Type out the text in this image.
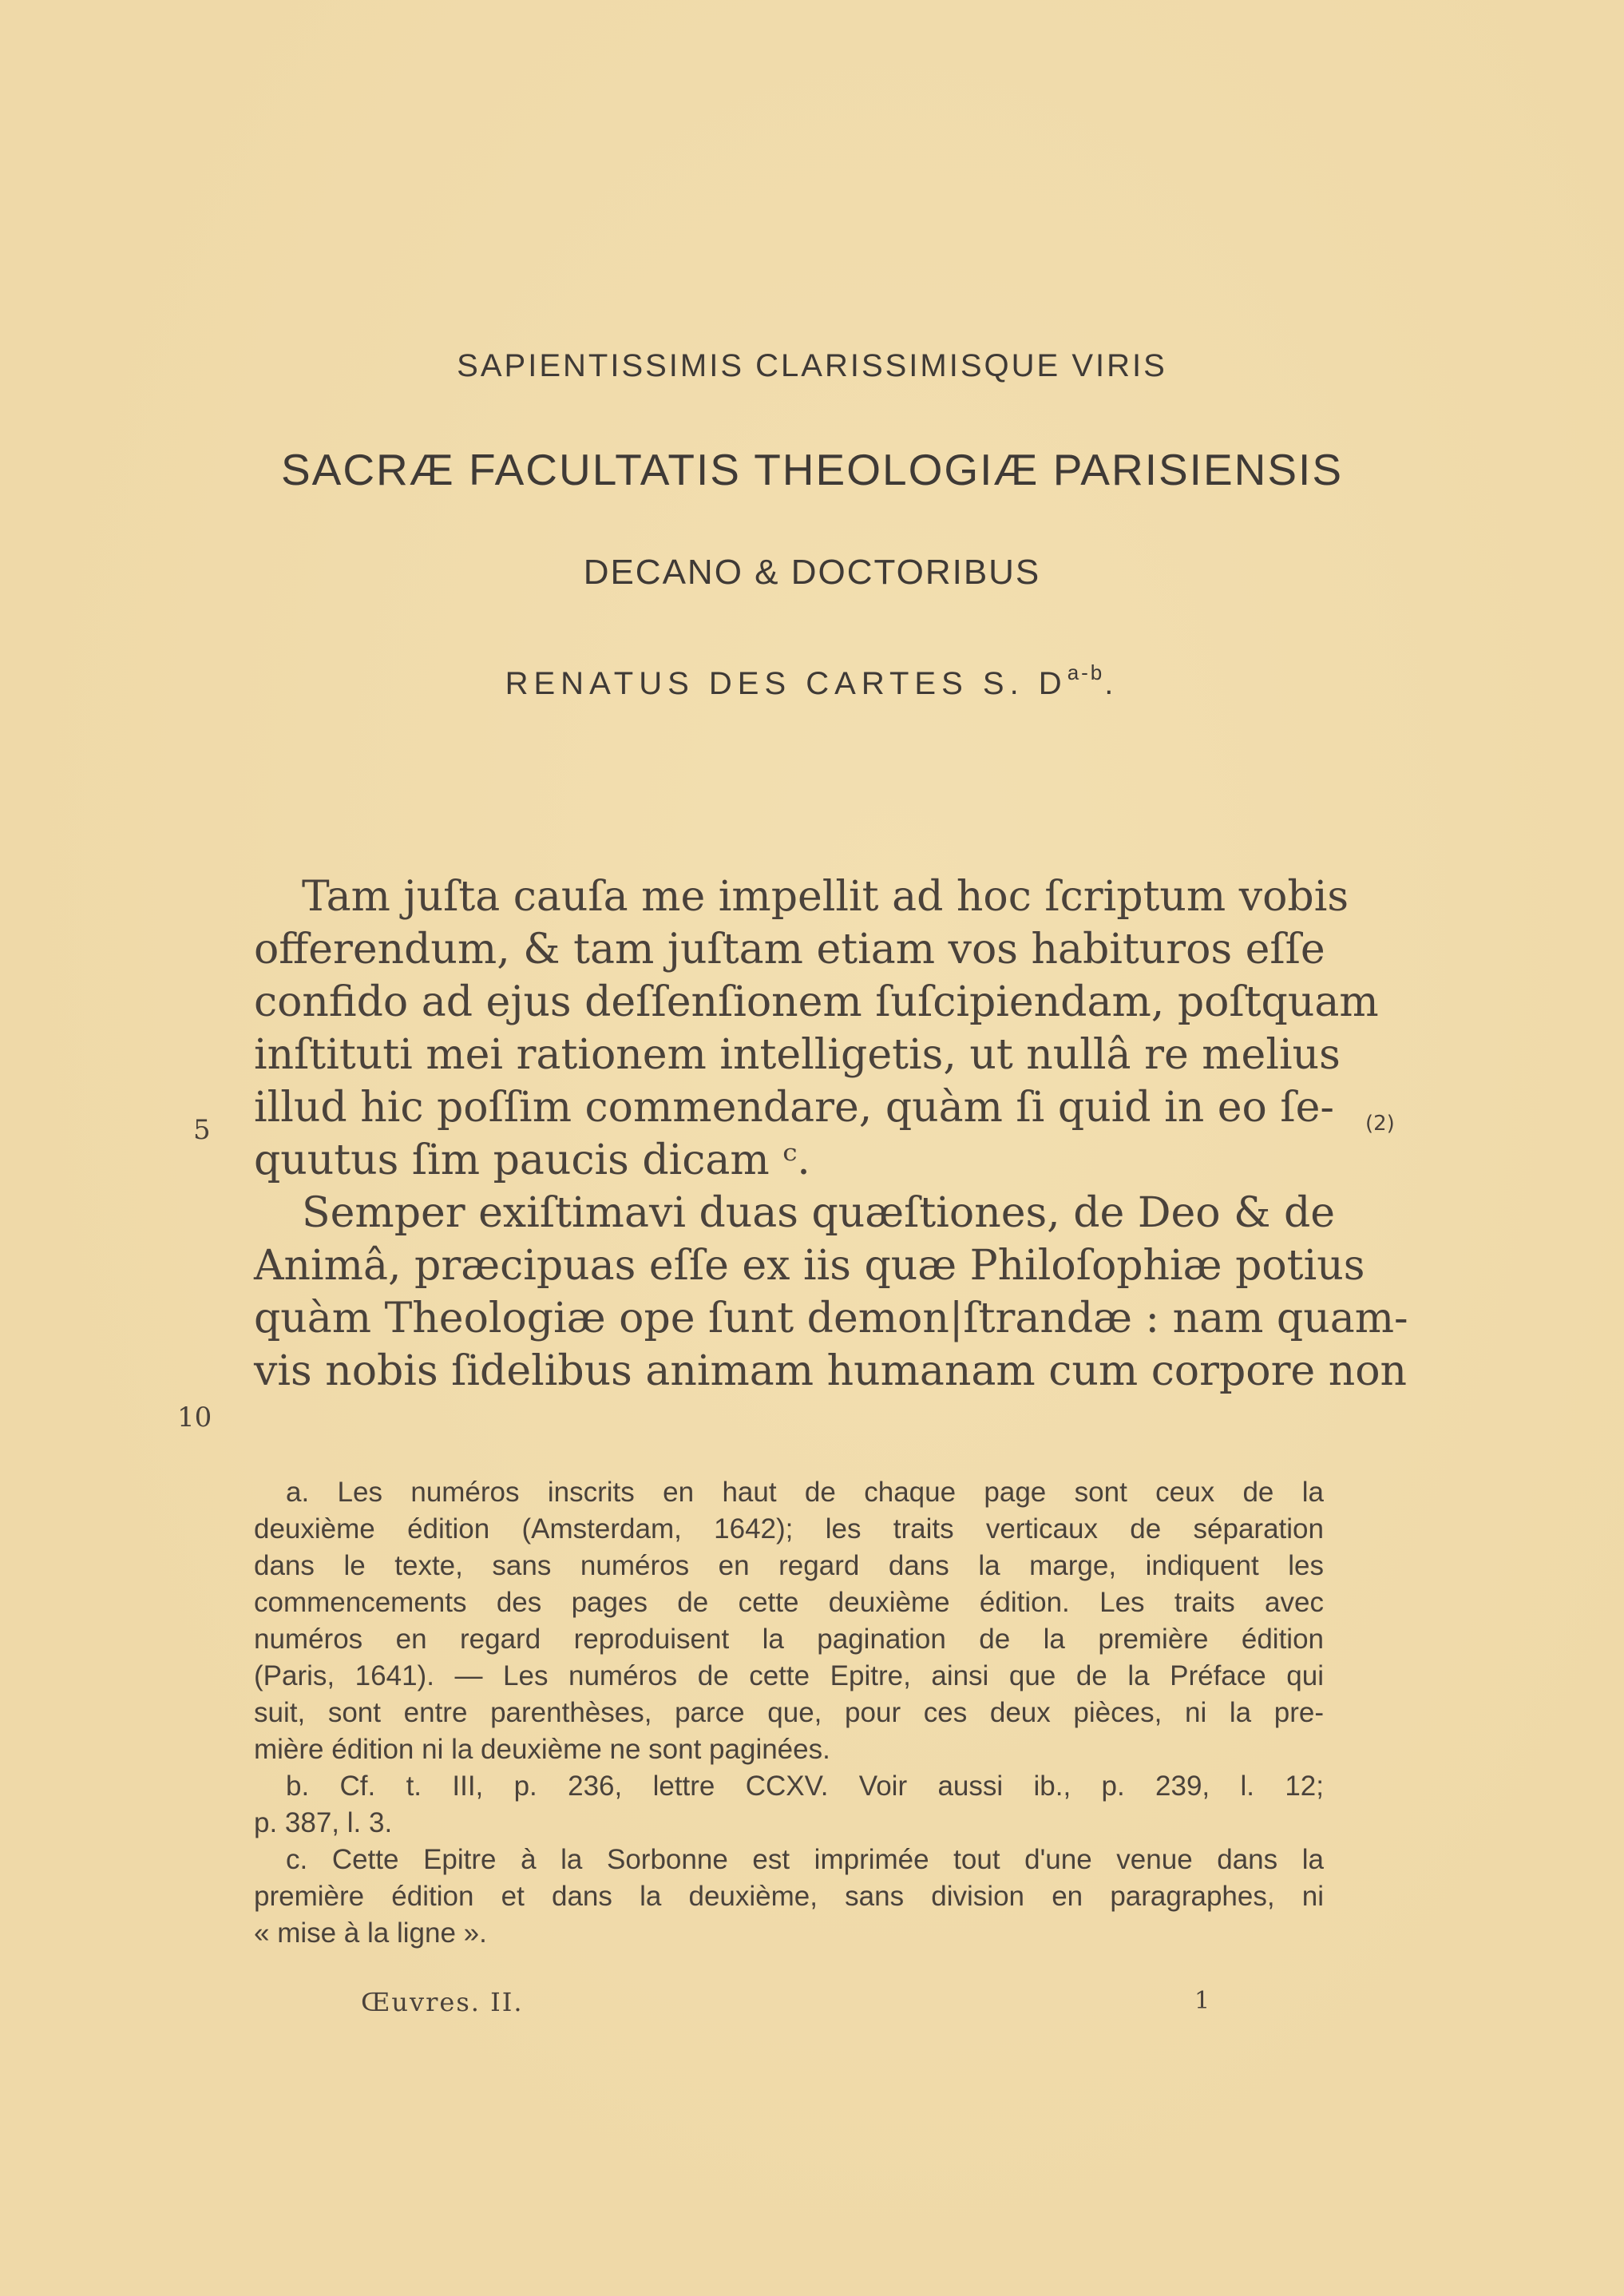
SAPIENTISSIMIS CLARISSIMISQUE VIRIS
SACRÆ FACULTATIS THEOLOGIÆ PARISIENSIS
DECANO & DOCTORIBUS
RENATUS DES CARTES S. $D^{a-b}$.
Tam juſta cauſa me impellit ad hoc ſcriptum vobis
offerendum, & tam juſtam etiam vos habituros eſſe
confido ad ejus deſſenſionem ſuſcipiendam, poſtquam
inſtituti mei rationem intelligetis, ut nullâ re melius
illud hic poſſim commendare, quàm ſi quid in eo ſe-
quutus ſim paucis dicam ᶜ.
Semper exiſtimavi duas quæſtiones, de Deo & de
Animâ, præcipuas eſſe ex iis quæ Philoſophiæ potius
quàm Theologiæ ope ſunt demon|ſtrandæ : nam quam-
vis nobis ſidelibus animam humanam cum corpore non
5
10
(2)
a. Les numéros inscrits en haut de chaque page sont ceux de la
deuxième édition (Amsterdam, 1642); les traits verticaux de séparation
dans le texte, sans numéros en regard dans la marge, indiquent les
commencements des pages de cette deuxième édition. Les traits avec
numéros en regard reproduisent la pagination de la première édition
(Paris, 1641). — Les numéros de cette Epitre, ainsi que de la Préface qui
suit, sont entre parenthèses, parce que, pour ces deux pièces, ni la pre-
mière édition ni la deuxième ne sont paginées.
b. Cf. t. III, p. 236, lettre CCXV. Voir aussi ib., p. 239, l. 12;
p. 387, l. 3.
c. Cette Epitre à la Sorbonne est imprimée tout d'une venue dans la
première édition et dans la deuxième, sans division en paragraphes, ni
« mise à la ligne ».
Œuvres. II.	1
